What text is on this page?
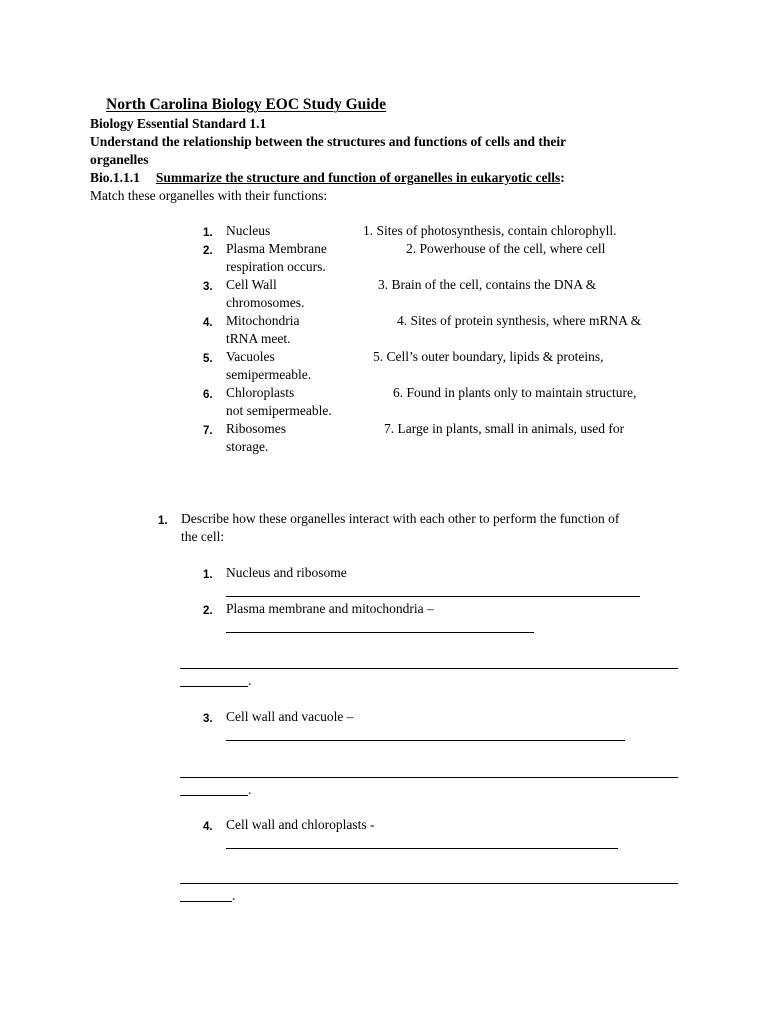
North Carolina Biology EOC Study Guide
Biology Essential Standard 1.1
Understand the relationship between the structures and functions of cells and their
organelles
Bio.1.1.1 Summarize the structure and function of organelles in eukaryotic cells:
Match these organelles with their functions:
1. Nucleus	1. Sites of photosynthesis, contain chlorophyll.
2. Plasma Membrane	2. Powerhouse of the cell, where cell
respiration occurs.
3. Cell Wall	3. Brain of the cell, contains the DNA &
chromosomes.
4. Mitochondria	4. Sites of protein synthesis, where mRNA &
tRNA meet.
5. Vacuoles	5. Cell’s outer boundary, lipids & proteins,
semipermeable.
6. Chloroplasts	6. Found in plants only to maintain structure,
not semipermeable.
7. Ribosomes	7. Large in plants, small in animals, used for
storage.
1. Describe how these organelles interact with each other to perform the function of
the cell:
1. Nucleus and ribosome
2. Plasma membrane and mitochondria –
.
3. Cell wall and vacuole –
.
4. Cell wall and chloroplasts -
.
